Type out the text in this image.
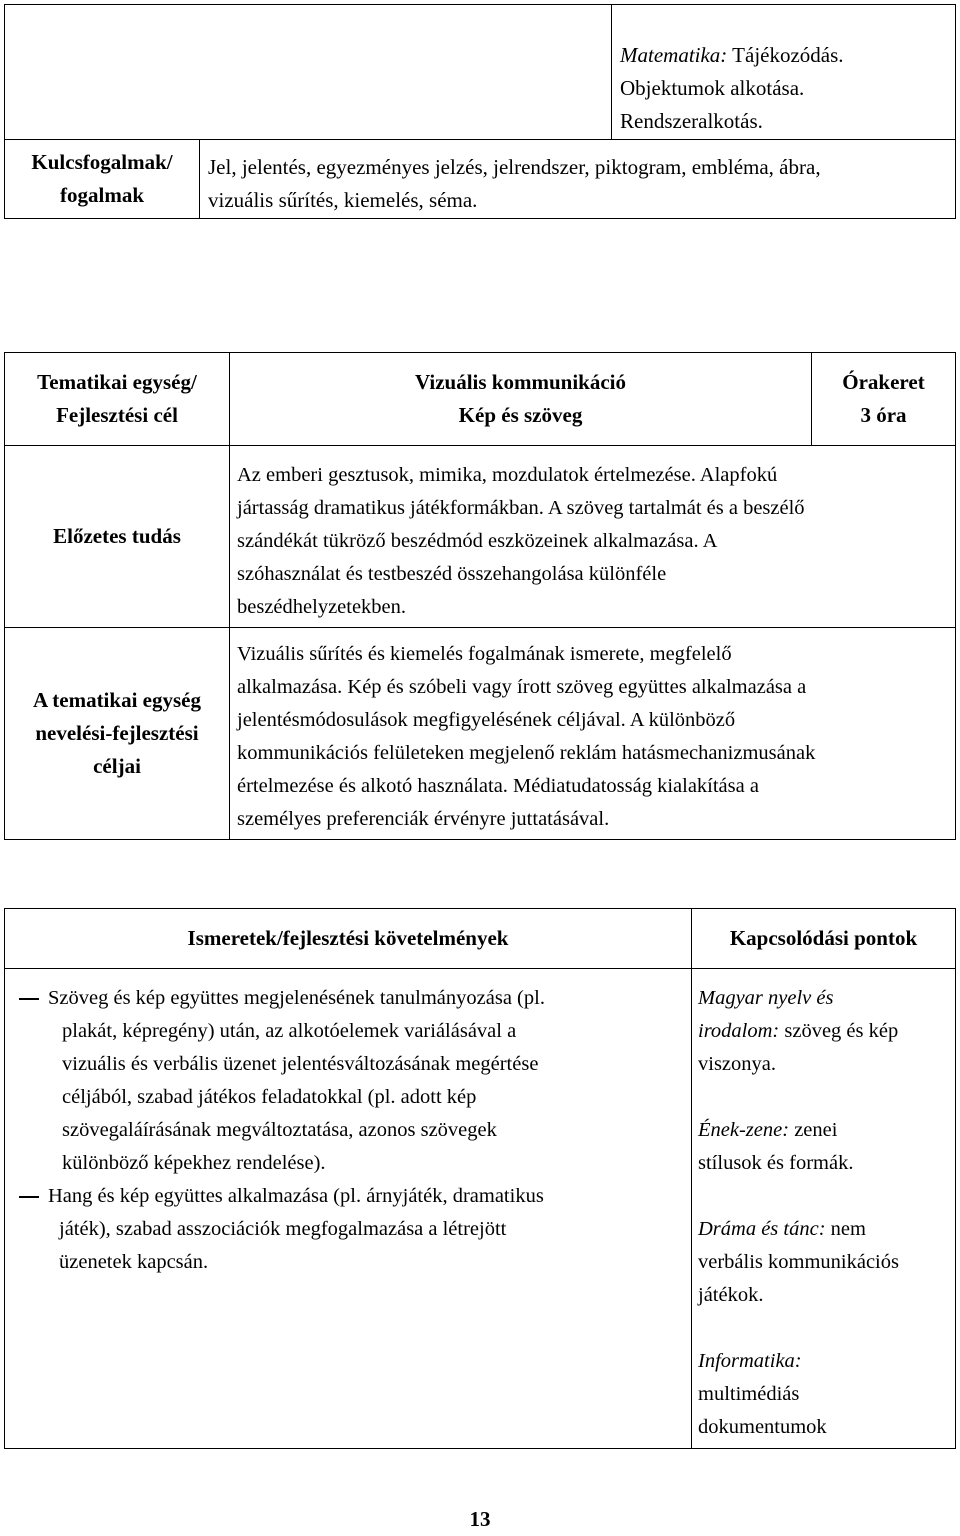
Matematika: Tájékozódás.

Objektumok alkotása.

Rendszeralkotás.

Kulcsfogalmak/

fogalmak

Jel, jelentés, egyezményes jelzés, jelrendszer, piktogram, embléma, ábra,

vizuális sűrítés, kiemelés, séma.

Tematikai egység/

Fejlesztési cél

Vizuális kommunikáció

Kép és szöveg

Órakeret

3 óra

Előzetes tudás

Az emberi gesztusok, mimika, mozdulatok értelmezése. Alapfokú

jártasság dramatikus játékformákban. A szöveg tartalmát és a beszélő

szándékát tükröző beszédmód eszközeinek alkalmazása. A

szóhasználat és testbeszéd összehangolása különféle

beszédhelyzetekben.

A tematikai egység

nevelési-fejlesztési

céljai

Vizuális sűrítés és kiemelés fogalmának ismerete, megfelelő

alkalmazása. Kép és szóbeli vagy írott szöveg együttes alkalmazása a

jelentésmódosulások megfigyelésének céljával. A különböző

kommunikációs felületeken megjelenő reklám hatásmechanizmusának

értelmezése és alkotó használata. Médiatudatosság kialakítása a

személyes preferenciák érvényre juttatásával.

Ismeretek/fejlesztési követelmények	Kapcsolódási pontok

Szöveg és kép együttes megjelenésének tanulmányozása (pl.

plakát, képregény) után, az alkotóelemek variálásával a

vizuális és verbális üzenet jelentésváltozásának megértése

céljából, szabad játékos feladatokkal (pl. adott kép

szövegaláírásának megváltoztatása, azonos szövegek

különböző képekhez rendelése).

Hang és kép együttes alkalmazása (pl. árnyjáték, dramatikus

játék), szabad asszociációk megfogalmazása a létrejött

üzenetek kapcsán.

Magyar nyelv és

irodalom: szöveg és kép

viszonya.

Ének-zene: zenei

stílusok és formák.

Dráma és tánc: nem

verbális kommunikációs

játékok.

Informatika:

multimédiás

dokumentumok

13
